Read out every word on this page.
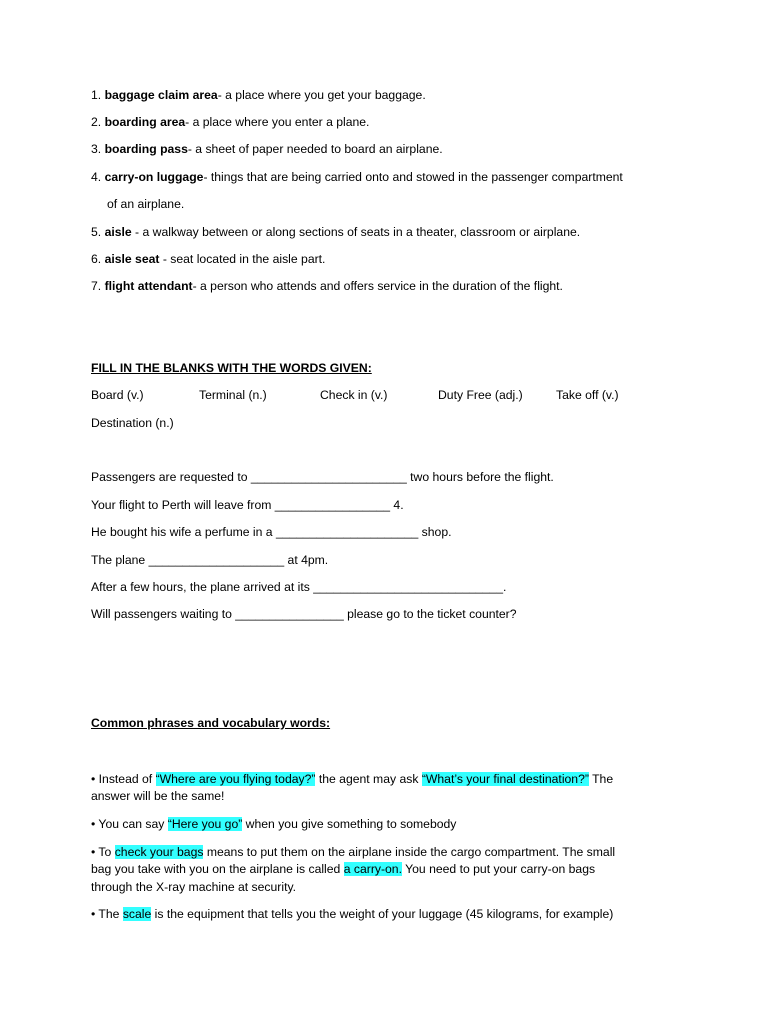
1. baggage claim area- a place where you get your baggage.
2. boarding area- a place where you enter a plane.
3. boarding pass- a sheet of paper needed to board an airplane.
4. carry-on luggage- things that are being carried onto and stowed in the passenger compartment
of an airplane.
5. aisle - a walkway between or along sections of seats in a theater, classroom or airplane.
6. aisle seat - seat located in the aisle part.
7. flight attendant- a person who attends and offers service in the duration of the flight.
FILL IN THE BLANKS WITH THE WORDS GIVEN:
Board (v.)	Terminal (n.)	Check in (v.)	Duty Free (adj.)	Take off (v.)
Destination (n.)
Passengers are requested to _______________________ two hours before the flight.
Your flight to Perth will leave from _________________ 4.
He bought his wife a perfume in a _____________________ shop.
The plane ____________________ at 4pm.
After a few hours, the plane arrived at its ____________________________.
Will passengers waiting to ________________ please go to the ticket counter?
Common phrases and vocabulary words:
• Instead of “Where are you flying today?” the agent may ask “What’s your final destination?” The
answer will be the same!
• You can say “Here you go” when you give something to somebody
• To check your bags means to put them on the airplane inside the cargo compartment. The small
bag you take with you on the airplane is called a carry-on. You need to put your carry-on bags
through the X-ray machine at security.
• The scale is the equipment that tells you the weight of your luggage (45 kilograms, for example)
